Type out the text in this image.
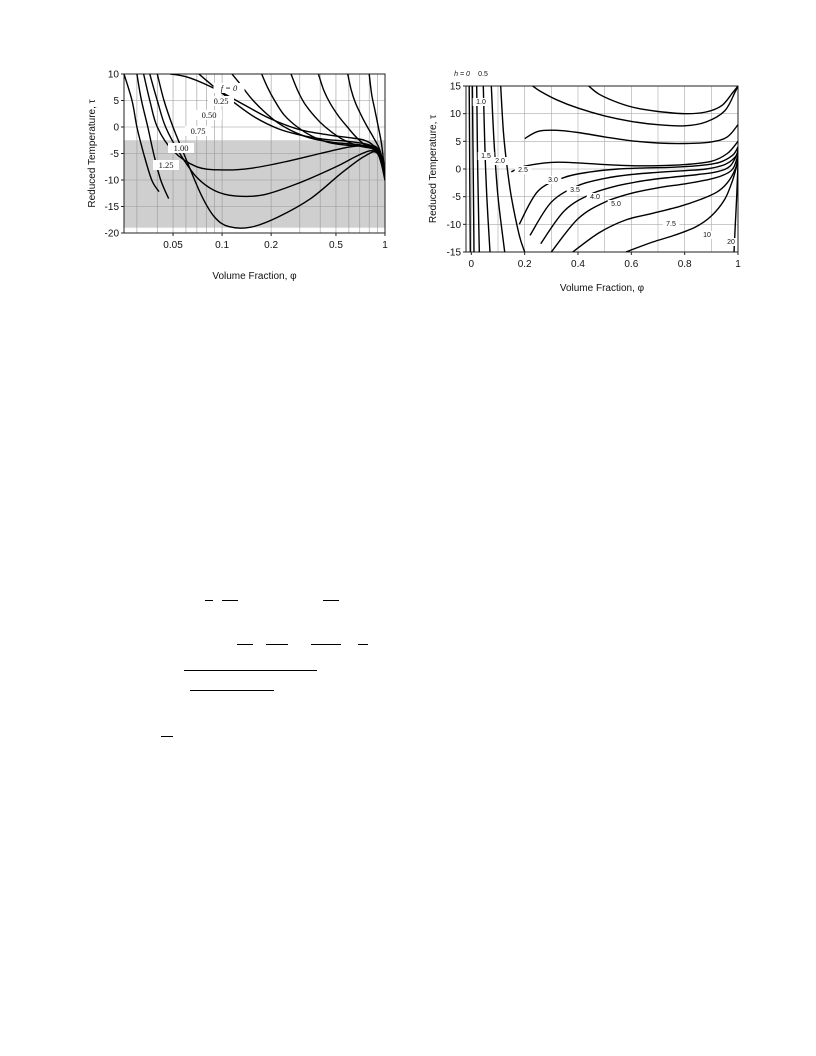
0.05	0.1	0.2	0.5	1
10
5
0
-5
-10
-15
-20
Volume Fraction, φ
Reduced Temperature, τ
f = 0
0.25
0.50
0.75
1.00
1.25
0	0.2	0.4	0.6	0.8	1
15
10
5
0
-5
-10
-15
Volume Fraction, φ
Reduced Temperature, τ
h = 0 0.5
1.0
1.5
2.0
2.5
3.0
3.5
4.0
5.0
7.5
10
20
